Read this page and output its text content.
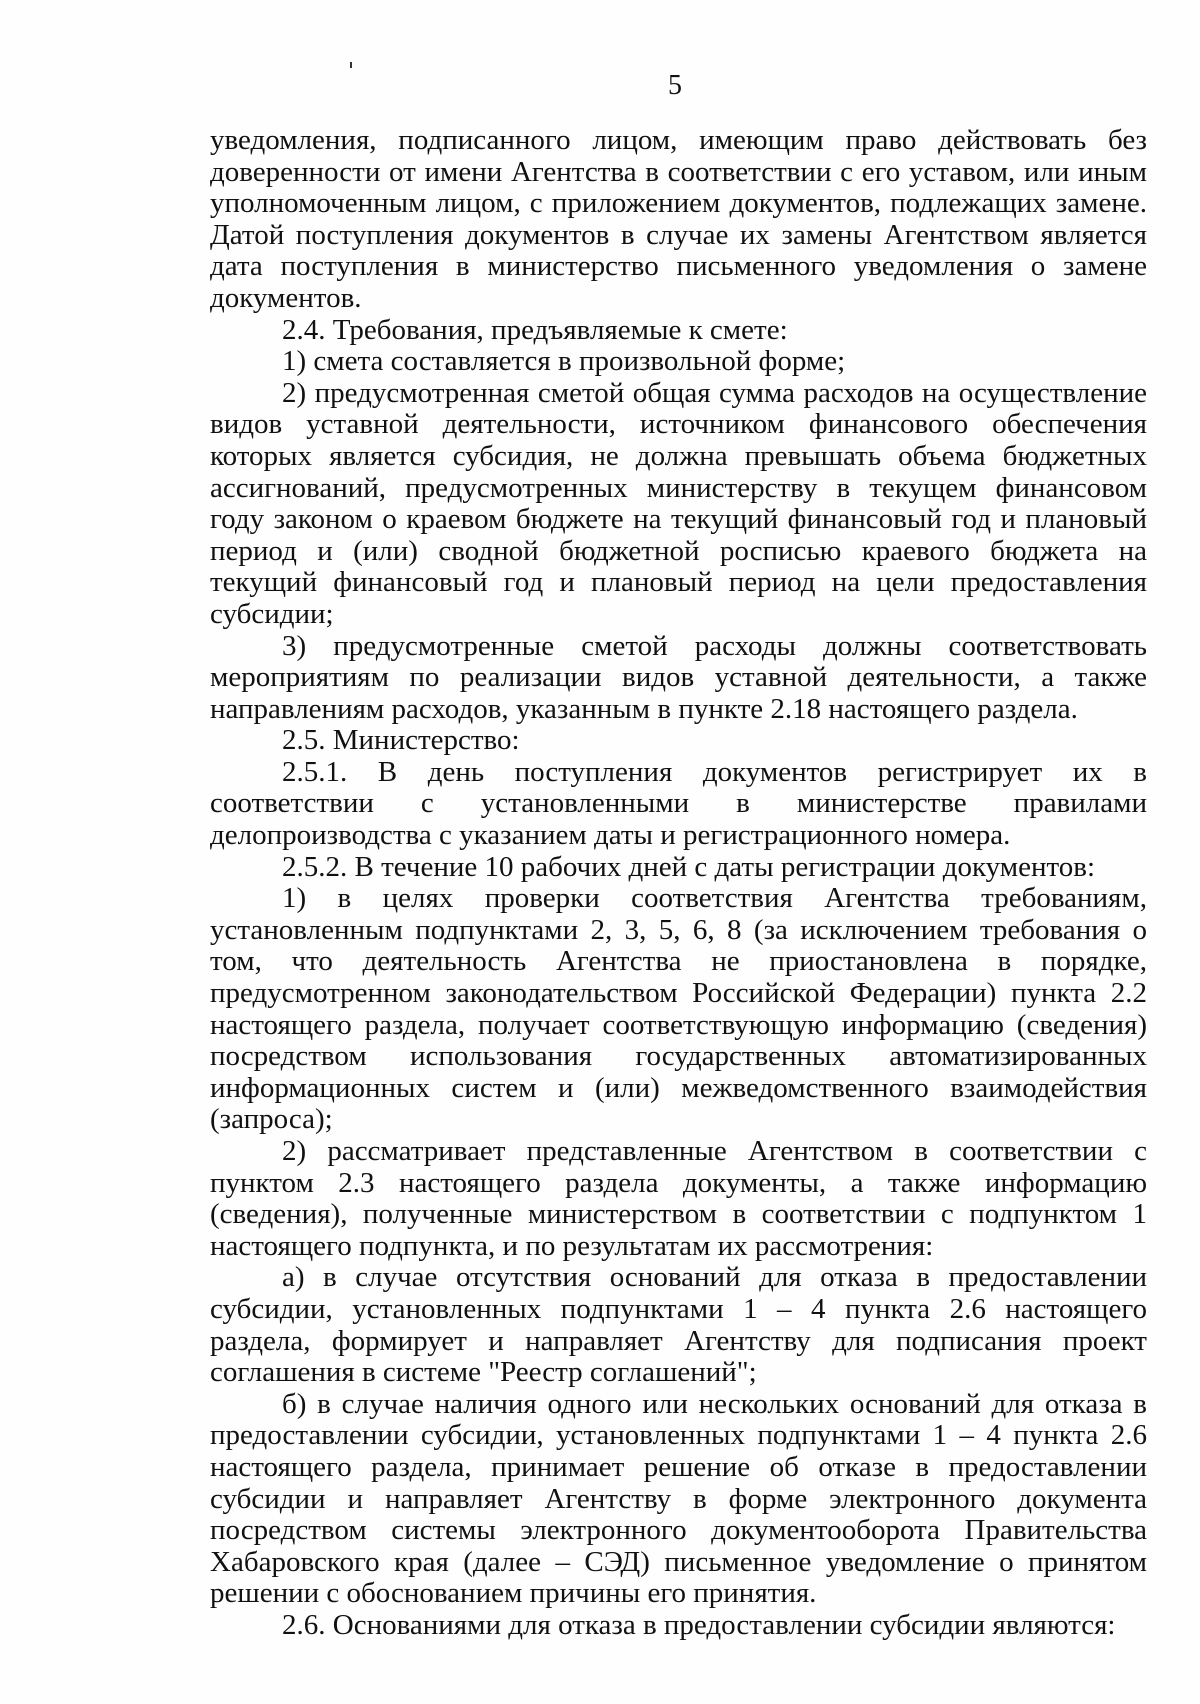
5

уведомления, подписанного лицом, имеющим право действовать без доверенности от имени Агентства в соответствии с его уставом, или иным уполномоченным лицом, с приложением документов, подлежащих замене. Датой поступления документов в случае их замены Агентством является дата поступления в министерство письменного уведомления о замене документов.

2.4. Требования, предъявляемые к смете:

1) смета составляется в произвольной форме;

2) предусмотренная сметой общая сумма расходов на осуществление видов уставной деятельности, источником финансового обеспечения которых является субсидия, не должна превышать объема бюджетных ассигнований, предусмотренных министерству в текущем финансовом году законом о краевом бюджете на текущий финансовый год и плановый период и (или) сводной бюджетной росписью краевого бюджета на текущий финансовый год и плановый период на цели предоставления субсидии;

3) предусмотренные сметой расходы должны соответствовать мероприятиям по реализации видов уставной деятельности, а также направлениям расходов, указанным в пункте 2.18 настоящего раздела.

2.5. Министерство:

2.5.1. В день поступления документов регистрирует их в соответствии с установленными в министерстве правилами делопроизводства с указанием даты и регистрационного номера.

2.5.2. В течение 10 рабочих дней с даты регистрации документов:

1) в целях проверки соответствия Агентства требованиям, установленным подпунктами 2, 3, 5, 6, 8 (за исключением требования о том, что деятельность Агентства не приостановлена в порядке, предусмотренном законодательством Российской Федерации) пункта 2.2 настоящего раздела, получает соответствующую информацию (сведения) посредством использования государственных автоматизированных информационных систем и (или) межведомственного взаимодействия (запроса);

2) рассматривает представленные Агентством в соответствии с пунктом 2.3 настоящего раздела документы, а также информацию (сведения), полученные министерством в соответствии с подпунктом 1 настоящего подпункта, и по результатам их рассмотрения:

а) в случае отсутствия оснований для отказа в предоставлении субсидии, установленных подпунктами 1 – 4 пункта 2.6 настоящего раздела, формирует и направляет Агентству для подписания проект соглашения в системе "Реестр соглашений";

б) в случае наличия одного или нескольких оснований для отказа в предоставлении субсидии, установленных подпунктами 1 – 4 пункта 2.6 настоящего раздела, принимает решение об отказе в предоставлении субсидии и направляет Агентству в форме электронного документа посредством системы электронного документооборота Правительства Хабаровского края (далее – СЭД) письменное уведомление о принятом решении с обоснованием причины его принятия.

2.6. Основаниями для отказа в предоставлении субсидии являются:
